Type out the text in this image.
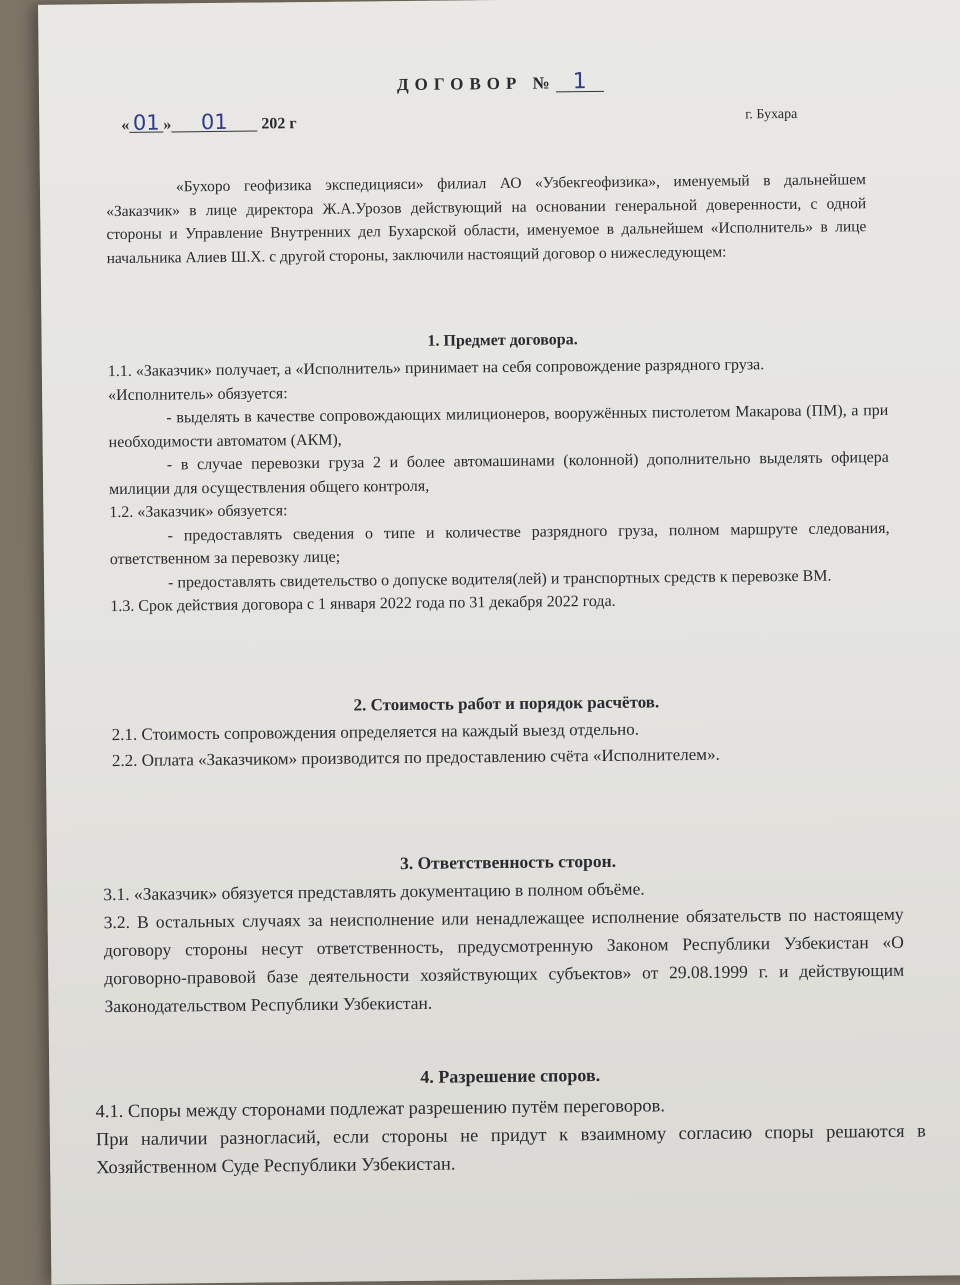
ДОГОВОР № 1
« 01 » 01 202 г
г. Бухара

«Бухоро геофизика экспедицияси» филиал АО «Узбекгеофизика», именуемый в дальнейшем «Заказчик» в лице директора Ж.А.Урозов действующий на основании генеральной доверенности, с одной стороны и Управление Внутренних дел Бухарской области, именуемое в дальнейшем «Исполнитель» в лице начальника Алиев Ш.Х. с другой стороны, заключили настоящий договор о нижеследующем:

1. Предмет договора.

1.1. «Заказчик» получает, а «Исполнитель» принимает на себя сопровождение разрядного груза.

«Исполнитель» обязуется:

- выделять в качестве сопровождающих милиционеров, вооружённых пистолетом Макарова (ПМ), а при необходимости автоматом (АКМ),

- в случае перевозки груза 2 и более автомашинами (колонной) дополнительно выделять офицера милиции для осуществления общего контроля,

1.2. «Заказчик» обязуется:

- предоставлять сведения о типе и количестве разрядного груза, полном маршруте следования, ответственном за перевозку лице;

- предоставлять свидетельство о допуске водителя(лей) и транспортных средств к перевозке ВМ.

1.3. Срок действия договора с 1 января 2022 года по 31 декабря 2022 года.

2. Стоимость работ и порядок расчётов.

2.1. Стоимость сопровождения определяется на каждый выезд отдельно.

2.2. Оплата «Заказчиком» производится по предоставлению счёта «Исполнителем».

3. Ответственность сторон.

3.1. «Заказчик» обязуется представлять документацию в полном объёме.

3.2. В остальных случаях за неисполнение или ненадлежащее исполнение обязательств по настоящему договору стороны несут ответственность, предусмотренную Законом Республики Узбекистан «О договорно-правовой базе деятельности хозяйствующих субъектов» от 29.08.1999 г. и действующим Законодательством Республики Узбекистан.

4. Разрешение споров.

4.1. Споры между сторонами подлежат разрешению путём переговоров.

При наличии разногласий, если стороны не придут к взаимному согласию споры решаются в Хозяйственном Суде Республики Узбекистан.
